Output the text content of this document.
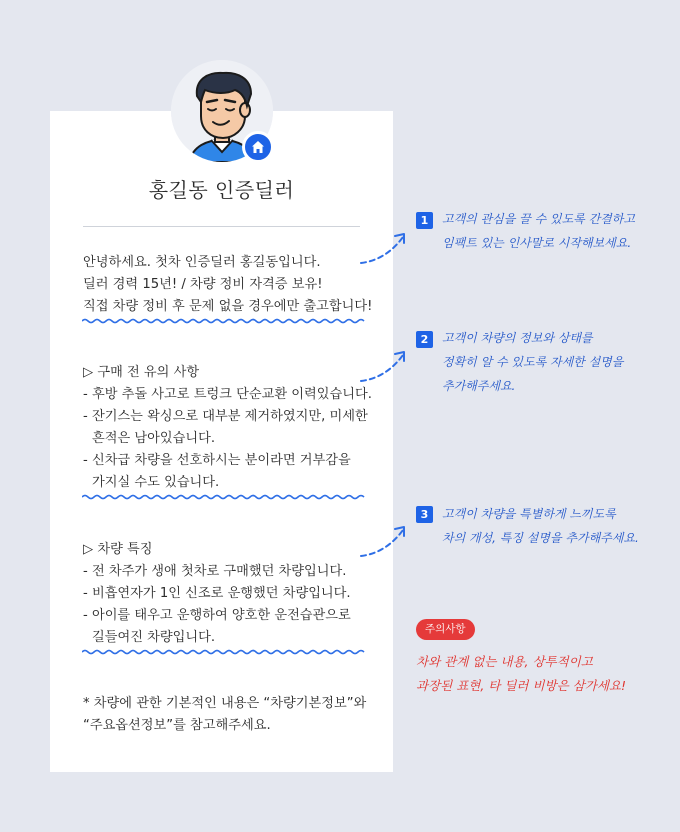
홍길동 인증딜러
안녕하세요. 첫차 인증딜러 홍길동입니다.
딜러 경력 15년! / 차량 정비 자격증 보유!
직접 차량 정비 후 문제 없을 경우에만 출고합니다!
▷ 구매 전 유의 사항
- 후방 추돌 사고로 트렁크 단순교환 이력있습니다.
- 잔기스는 왁싱으로 대부분 제거하였지만, 미세한
흔적은 남아있습니다.
- 신차급 차량을 선호하시는 분이라면 거부감을
가지실 수도 있습니다.
▷ 차량 특징
- 전 차주가 생애 첫차로 구매했던 차량입니다.
- 비흡연자가 1인 신조로 운행했던 차량입니다.
- 아이를 태우고 운행하여 양호한 운전습관으로
길들여진 차량입니다.
* 차량에 관한 기본적인 내용은 “차량기본정보”와
“주요옵션정보”를 참고해주세요.
1	고객의 관심을 끌 수 있도록 간결하고
임팩트 있는 인사말로 시작해보세요.
2	고객이 차량의 정보와 상태를
정확히 알 수 있도록 자세한 설명을
추가해주세요.
3	고객이 차량을 특별하게 느끼도록
차의 개성, 특징 설명을 추가해주세요.
주의사항
차와 관계 없는 내용, 상투적이고
과장된 표현, 타 딜러 비방은 삼가세요!
